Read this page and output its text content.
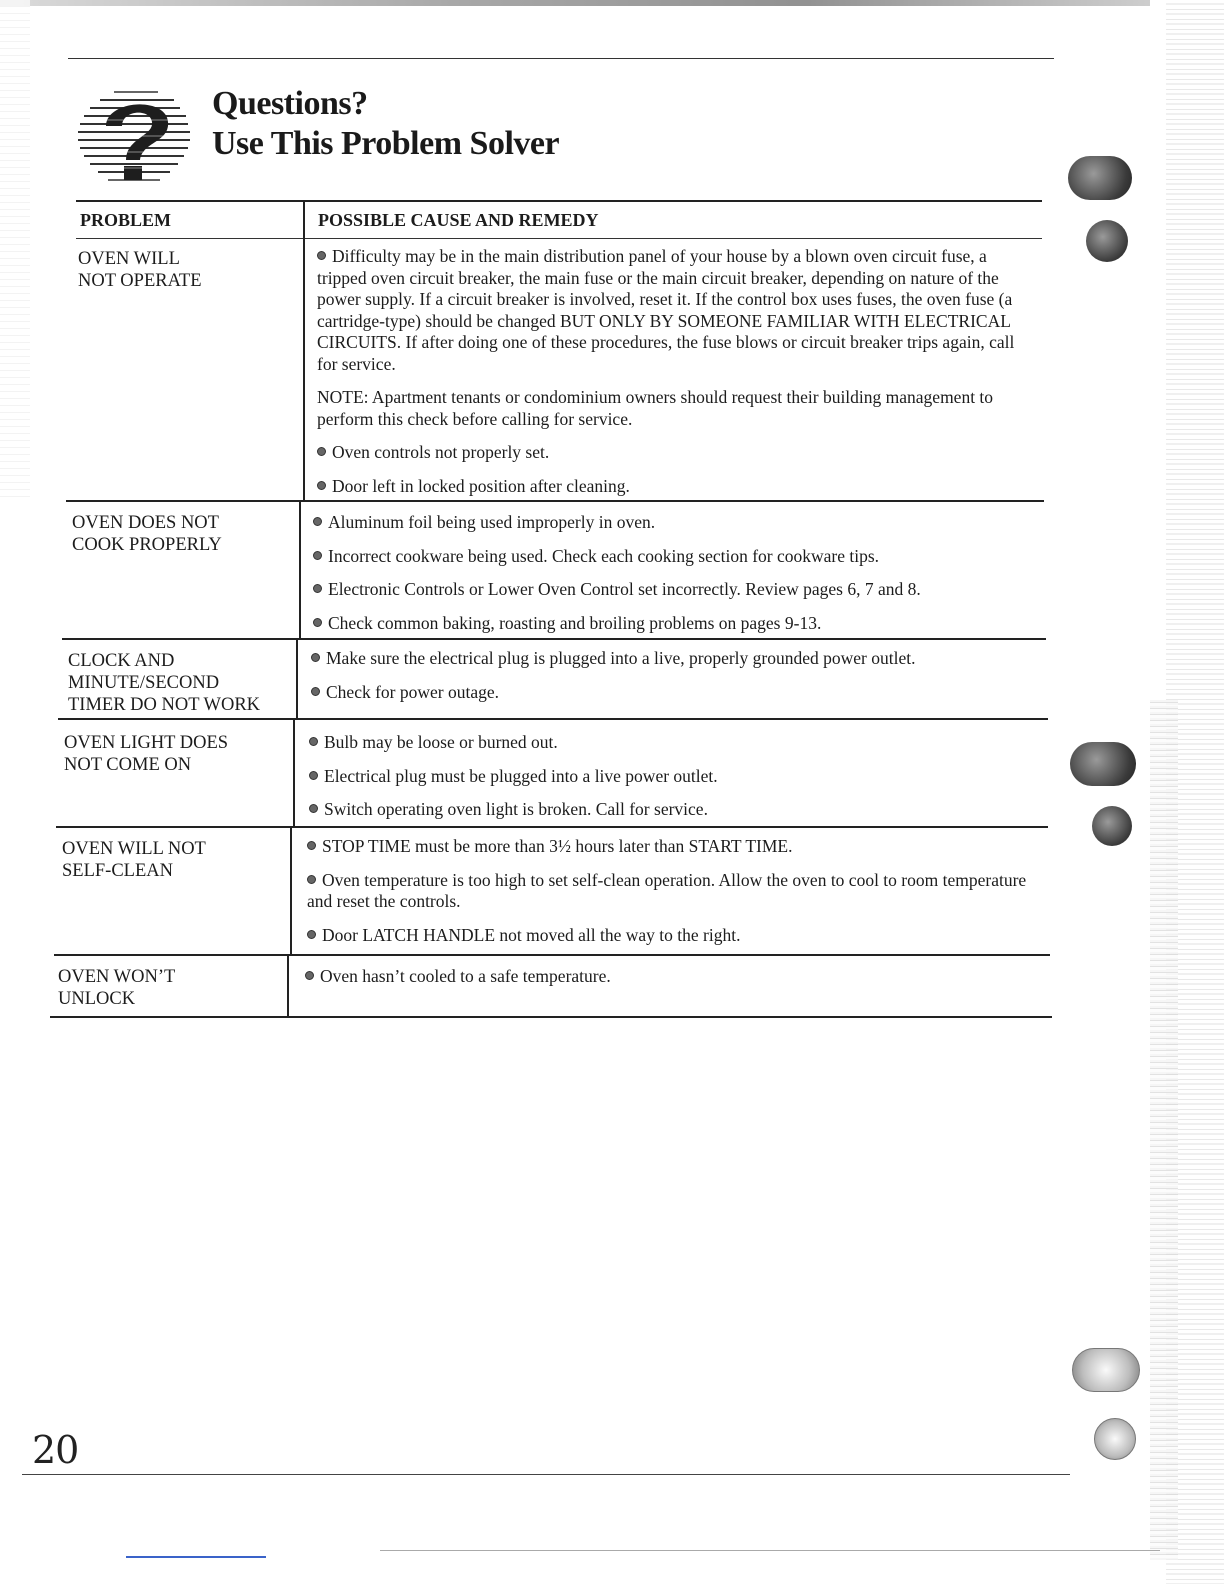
Questions?
Use This Problem Solver
PROBLEM	POSSIBLE CAUSE AND REMEDY
OVEN WILL
NOT OPERATE

Difficulty may be in the main distribution panel of your house by a blown oven circuit fuse, a tripped oven circuit breaker, the main fuse or the main circuit breaker, depending on nature of the power supply. If a circuit breaker is involved, reset it. If the control box uses fuses, the oven fuse (a cartridge-type) should be changed BUT ONLY BY SOMEONE FAMILIAR WITH ELECTRICAL CIRCUITS. If after doing one of these procedures, the fuse blows or circuit breaker trips again, call for service.

NOTE: Apartment tenants or condominium owners should request their building management to perform this check before calling for service.

Oven controls not properly set.

Door left in locked position after cleaning.

OVEN DOES NOT
COOK PROPERLY

Aluminum foil being used improperly in oven.

Incorrect cookware being used. Check each cooking section for cookware tips.

Electronic Controls or Lower Oven Control set incorrectly. Review pages 6, 7 and 8.

Check common baking, roasting and broiling problems on pages 9-13.

CLOCK AND
MINUTE/SECOND
TIMER DO NOT WORK

Make sure the electrical plug is plugged into a live, properly grounded power outlet.

Check for power outage.

OVEN LIGHT DOES
NOT COME ON

Bulb may be loose or burned out.

Electrical plug must be plugged into a live power outlet.

Switch operating oven light is broken. Call for service.

OVEN WILL NOT
SELF-CLEAN

STOP TIME must be more than 3½ hours later than START TIME.

Oven temperature is too high to set self-clean operation. Allow the oven to cool to room temperature and reset the controls.

Door LATCH HANDLE not moved all the way to the right.

OVEN WON’T
UNLOCK

Oven hasn’t cooled to a safe temperature.

20
